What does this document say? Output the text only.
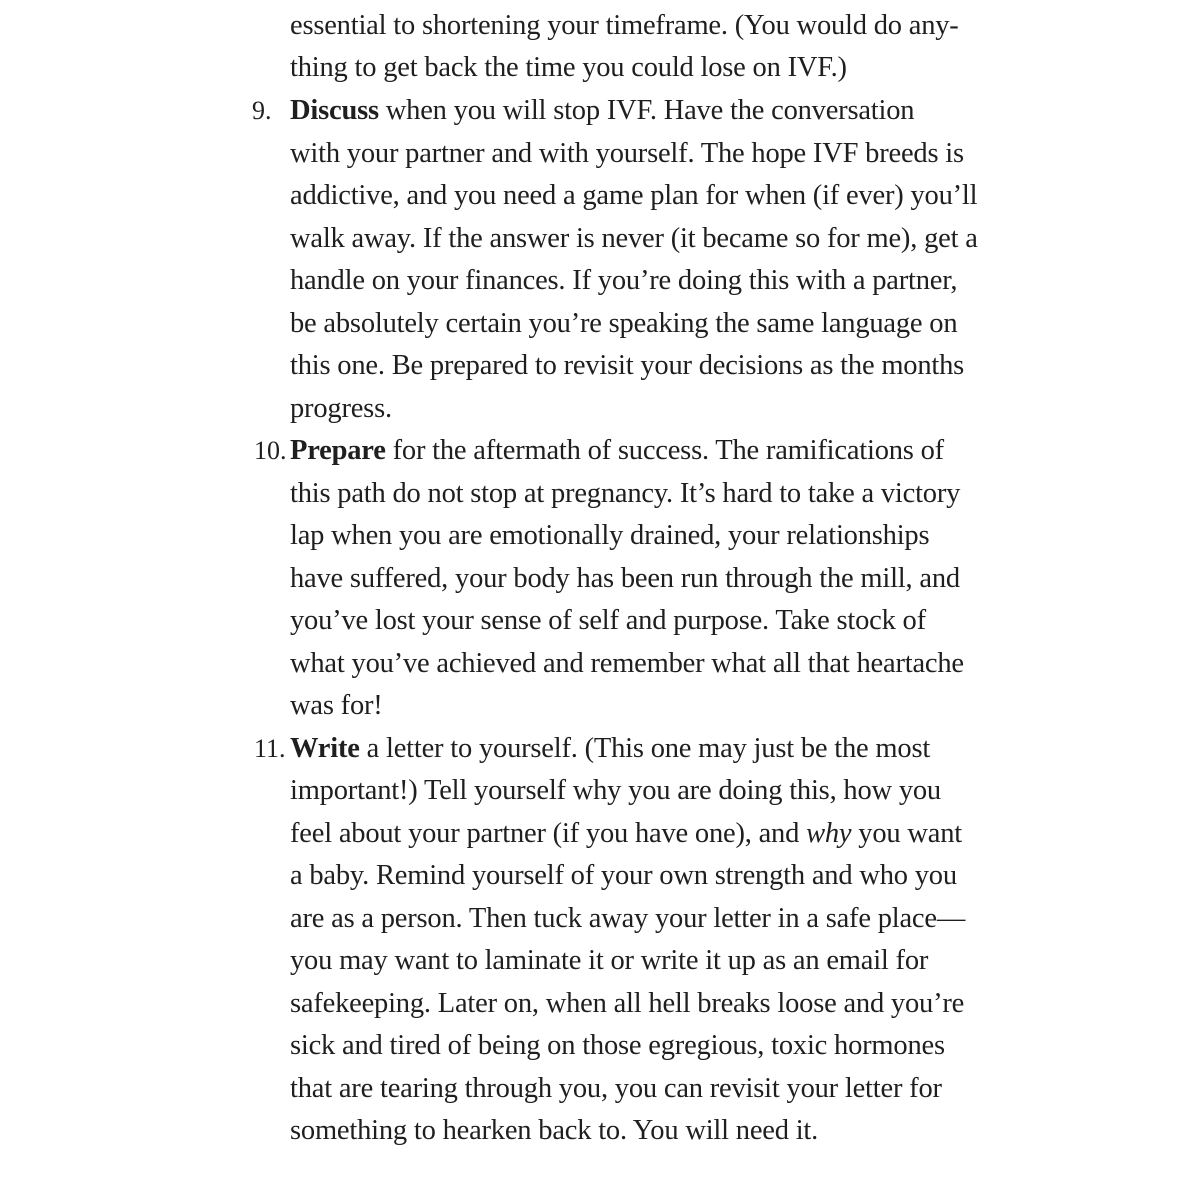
essential to shortening your timeframe. (You would do any-
thing to get back the time you could lose on IVF.)
9. Discuss when you will stop IVF. Have the conversation
with your partner and with yourself. The hope IVF breeds is
addictive, and you need a game plan for when (if ever) you’ll
walk away. If the answer is never (it became so for me), get a
handle on your finances. If you’re doing this with a partner,
be absolutely certain you’re speaking the same language on
this one. Be prepared to revisit your decisions as the months
progress.
10. Prepare for the aftermath of success. The ramifications of
this path do not stop at pregnancy. It’s hard to take a victory
lap when you are emotionally drained, your relationships
have suffered, your body has been run through the mill, and
you’ve lost your sense of self and purpose. Take stock of
what you’ve achieved and remember what all that heartache
was for!
11. Write a letter to yourself. (This one may just be the most
important!) Tell yourself why you are doing this, how you
feel about your partner (if you have one), and why you want
a baby. Remind yourself of your own strength and who you
are as a person. Then tuck away your letter in a safe place—
you may want to laminate it or write it up as an email for
safekeeping. Later on, when all hell breaks loose and you’re
sick and tired of being on those egregious, toxic hormones
that are tearing through you, you can revisit your letter for
something to hearken back to. You will need it.
